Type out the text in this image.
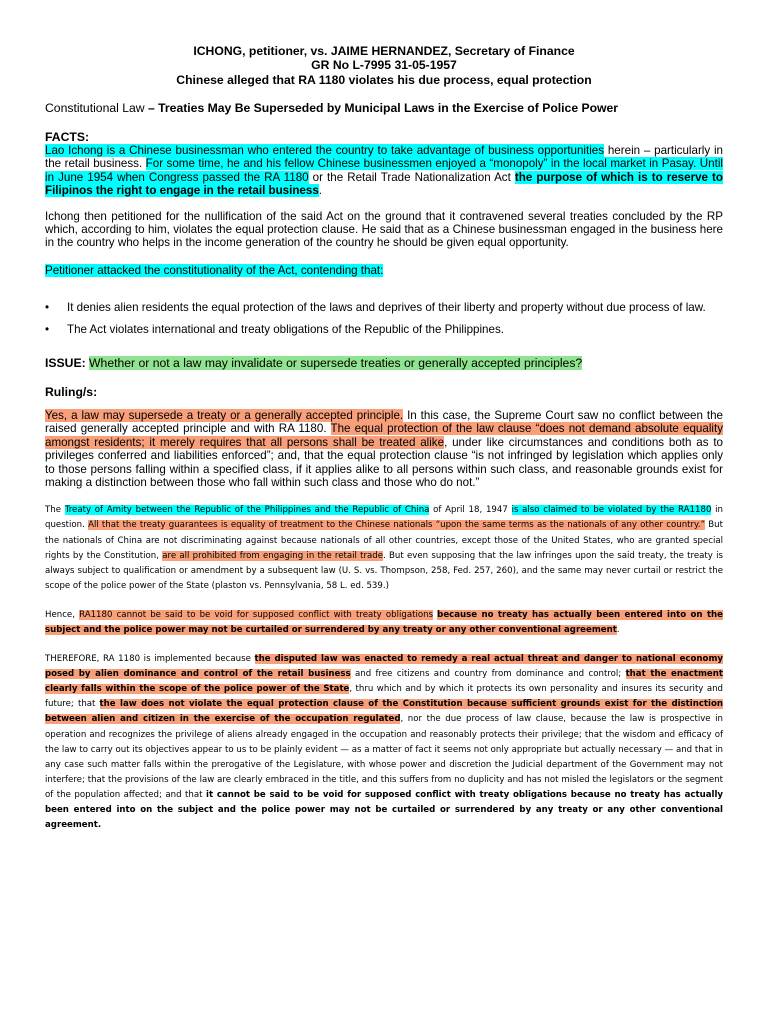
ICHONG, petitioner, vs. JAIME HERNANDEZ, Secretary of Finance
GR No L-7995 31-05-1957
Chinese alleged that RA 1180 violates his due process, equal protection
Constitutional Law – Treaties May Be Superseded by Municipal Laws in the Exercise of Police Power
FACTS:
Lao Ichong is a Chinese businessman who entered the country to take advantage of business opportunities herein – particularly in the retail business. For some time, he and his fellow Chinese businessmen enjoyed a “monopoly” in the local market in Pasay. Until in June 1954 when Congress passed the RA 1180 or the Retail Trade Nationalization Act the purpose of which is to reserve to Filipinos the right to engage in the retail business.
Ichong then petitioned for the nullification of the said Act on the ground that it contravened several treaties concluded by the RP which, according to him, violates the equal protection clause. He said that as a Chinese businessman engaged in the business here in the country who helps in the income generation of the country he should be given equal opportunity.
Petitioner attacked the constitutionality of the Act, contending that:
• It denies alien residents the equal protection of the laws and deprives of their liberty and property without due process of law.
• The Act violates international and treaty obligations of the Republic of the Philippines.
ISSUE: Whether or not a law may invalidate or supersede treaties or generally accepted principles?
Ruling/s:
Yes, a law may supersede a treaty or a generally accepted principle. In this case, the Supreme Court saw no conflict between the raised generally accepted principle and with RA 1180. The equal protection of the law clause “does not demand absolute equality amongst residents; it merely requires that all persons shall be treated alike, under like circumstances and conditions both as to privileges conferred and liabilities enforced”; and, that the equal protection clause “is not infringed by legislation which applies only to those persons falling within a specified class, if it applies alike to all persons within such class, and reasonable grounds exist for making a distinction between those who fall within such class and those who do not.”
The Treaty of Amity between the Republic of the Philippines and the Republic of China of April 18, 1947 is also claimed to be violated by the RA1180 in question. All that the treaty guarantees is equality of treatment to the Chinese nationals “upon the same terms as the nationals of any other country.” But the nationals of China are not discriminating against because nationals of all other countries, except those of the United States, who are granted special rights by the Constitution, are all prohibited from engaging in the retail trade. But even supposing that the law infringes upon the said treaty, the treaty is always subject to qualification or amendment by a subsequent law (U. S. vs. Thompson, 258, Fed. 257, 260), and the same may never curtail or restrict the scope of the police power of the State (plaston vs. Pennsylvania, 58 L. ed. 539.)
Hence, RA1180 cannot be said to be void for supposed conflict with treaty obligations because no treaty has actually been entered into on the subject and the police power may not be curtailed or surrendered by any treaty or any other conventional agreement.
THEREFORE, RA 1180 is implemented because the disputed law was enacted to remedy a real actual threat and danger to national economy posed by alien dominance and control of the retail business and free citizens and country from dominance and control; that the enactment clearly falls within the scope of the police power of the State, thru which and by which it protects its own personality and insures its security and future; that the law does not violate the equal protection clause of the Constitution because sufficient grounds exist for the distinction between alien and citizen in the exercise of the occupation regulated, nor the due process of law clause, because the law is prospective in operation and recognizes the privilege of aliens already engaged in the occupation and reasonably protects their privilege; that the wisdom and efficacy of the law to carry out its objectives appear to us to be plainly evident — as a matter of fact it seems not only appropriate but actually necessary — and that in any case such matter falls within the prerogative of the Legislature, with whose power and discretion the Judicial department of the Government may not interfere; that the provisions of the law are clearly embraced in the title, and this suffers from no duplicity and has not misled the legislators or the segment of the population affected; and that it cannot be said to be void for supposed conflict with treaty obligations because no treaty has actually been entered into on the subject and the police power may not be curtailed or surrendered by any treaty or any other conventional agreement.
